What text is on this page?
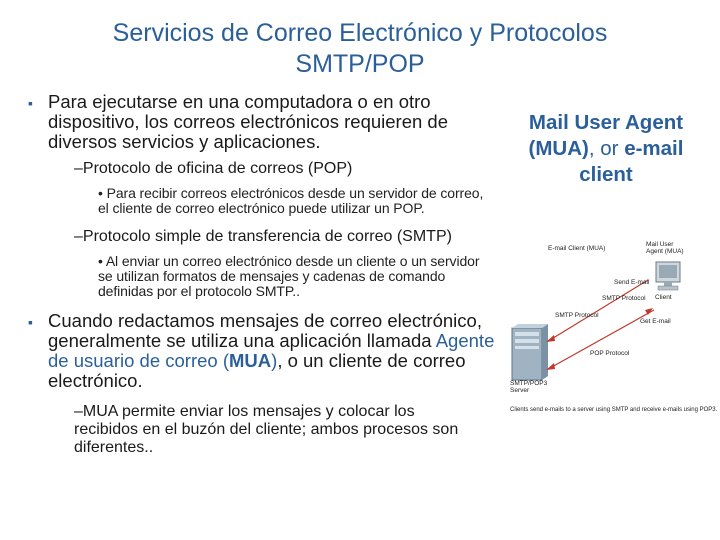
Servicios de Correo Electrónico y Protocolos
SMTP/POP
▪ Para ejecutarse en una computadora o en otro dispositivo, los correos electrónicos requieren de diversos servicios y aplicaciones.
–Protocolo de oficina de correos (POP)
• Para recibir correos electrónicos desde un servidor de correo, el cliente de correo electrónico puede utilizar un POP.
–Protocolo simple de transferencia de correo (SMTP)
• Al enviar un correo electrónico desde un cliente o un servidor se utilizan formatos de mensajes y cadenas de comando definidas por el protocolo SMTP..
▪ Cuando redactamos mensajes de correo electrónico, generalmente se utiliza una aplicación llamada Agente de usuario de correo (MUA), o un cliente de correo electrónico.
–MUA permite enviar los mensajes y colocar los recibidos en el buzón del cliente; ambos procesos son diferentes..
Mail User Agent (MUA), or e-mail client
E-mail Client (MUA)
Mail User Agent (MUA)
Send E-mail
Client
SMTP Protocol
SMTP Protocol
Get E-mail
POP Protocol
SMTP/POP3 Server
Clients send e-mails to a server using SMTP and receive e-mails using POP3.
